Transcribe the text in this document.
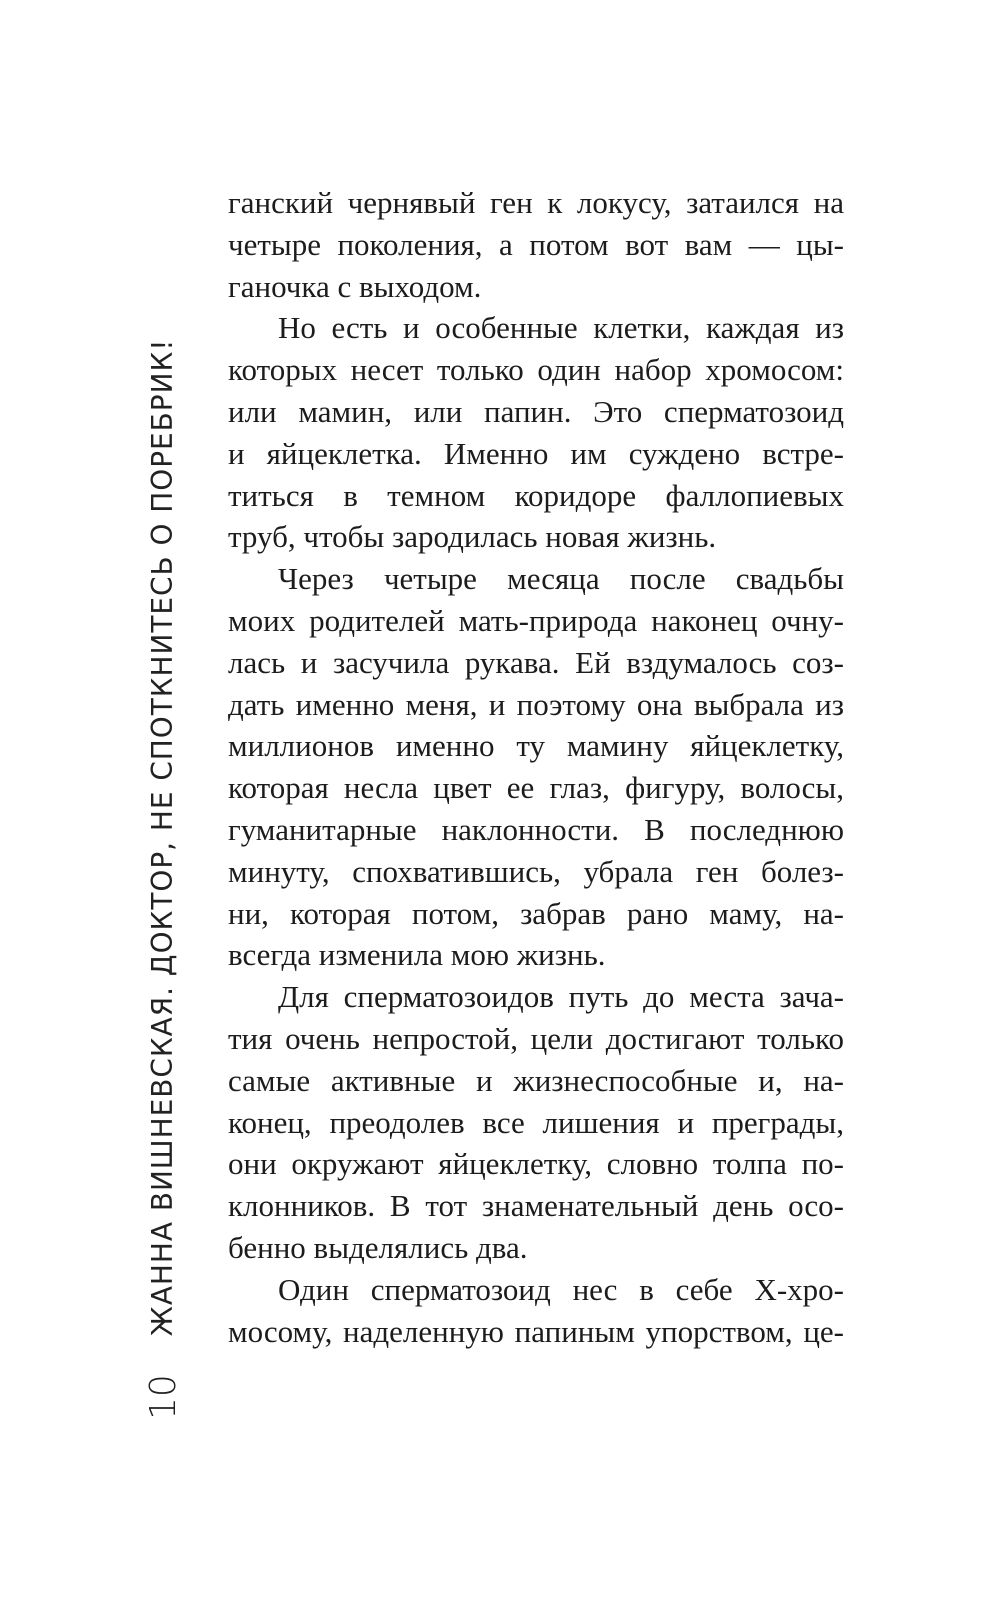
10
ЖАННА ВИШНЕВСКАЯ. ДОКТОР, НЕ СПОТКНИТЕСЬ О ПОРЕБРИК!
ганский чернявый ген к локусу, затаился на
четыре поколения, а потом вот вам — цы-
ганочка с выходом.
Но есть и особенные клетки, каждая из
которых несет только один набор хромосом:
или мамин, или папин. Это сперматозоид
и яйцеклетка. Именно им суждено встре-
титься в темном коридоре фаллопиевых
труб, чтобы зародилась новая жизнь.
Через четыре месяца после свадьбы
моих родителей мать-природа наконец очну-
лась и засучила рукава. Ей вздумалось соз-
дать именно меня, и поэтому она выбрала из
миллионов именно ту мамину яйцеклетку,
которая несла цвет ее глаз, фигуру, волосы,
гуманитарные наклонности. В последнюю
минуту, спохватившись, убрала ген болез-
ни, которая потом, забрав рано маму, на-
всегда изменила мою жизнь.
Для сперматозоидов путь до места зача-
тия очень непростой, цели достигают только
самые активные и жизнеспособные и, на-
конец, преодолев все лишения и преграды,
они окружают яйцеклетку, словно толпа по-
клонников. В тот знаменательный день осо-
бенно выделялись два.
Один сперматозоид нес в себе Х-хро-
мосому, наделенную папиным упорством, це-
